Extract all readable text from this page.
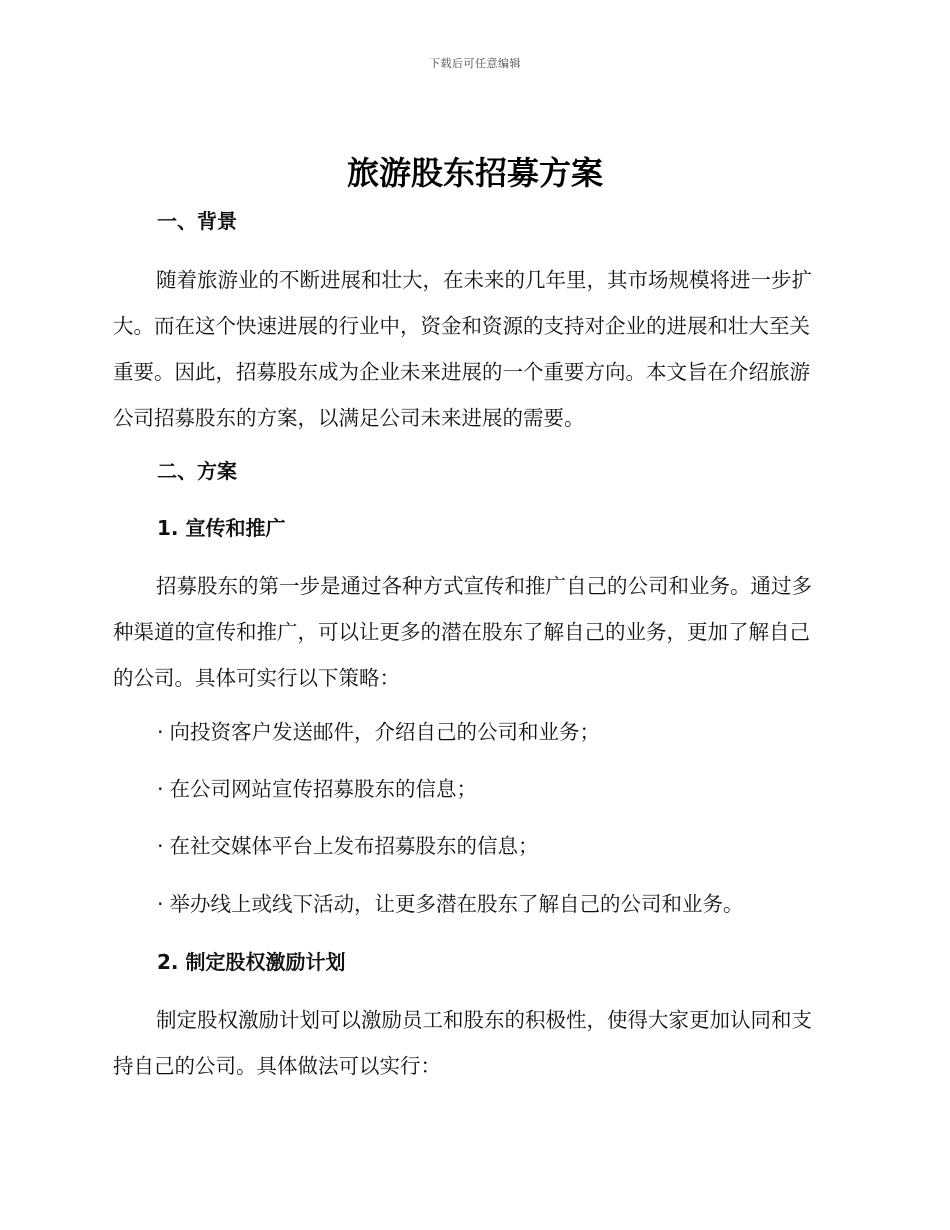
下载后可任意编辑
旅游股东招募方案
一、背景

随着旅游业的不断进展和壮大，在未来的几年里，其市场规模将进一步扩大。而在这个快速进展的行业中，资金和资源的支持对企业的进展和壮大至关重要。因此，招募股东成为企业未来进展的一个重要方向。本文旨在介绍旅游公司招募股东的方案，以满足公司未来进展的需要。

二、方案
1. 宣传和推广

招募股东的第一步是通过各种方式宣传和推广自己的公司和业务。通过多种渠道的宣传和推广，可以让更多的潜在股东了解自己的业务，更加了解自己的公司。具体可实行以下策略：

· 向投资客户发送邮件，介绍自己的公司和业务；
· 在公司网站宣传招募股东的信息；
· 在社交媒体平台上发布招募股东的信息；
· 举办线上或线下活动，让更多潜在股东了解自己的公司和业务。
2. 制定股权激励计划

制定股权激励计划可以激励员工和股东的积极性，使得大家更加认同和支持自己的公司。具体做法可以实行：
